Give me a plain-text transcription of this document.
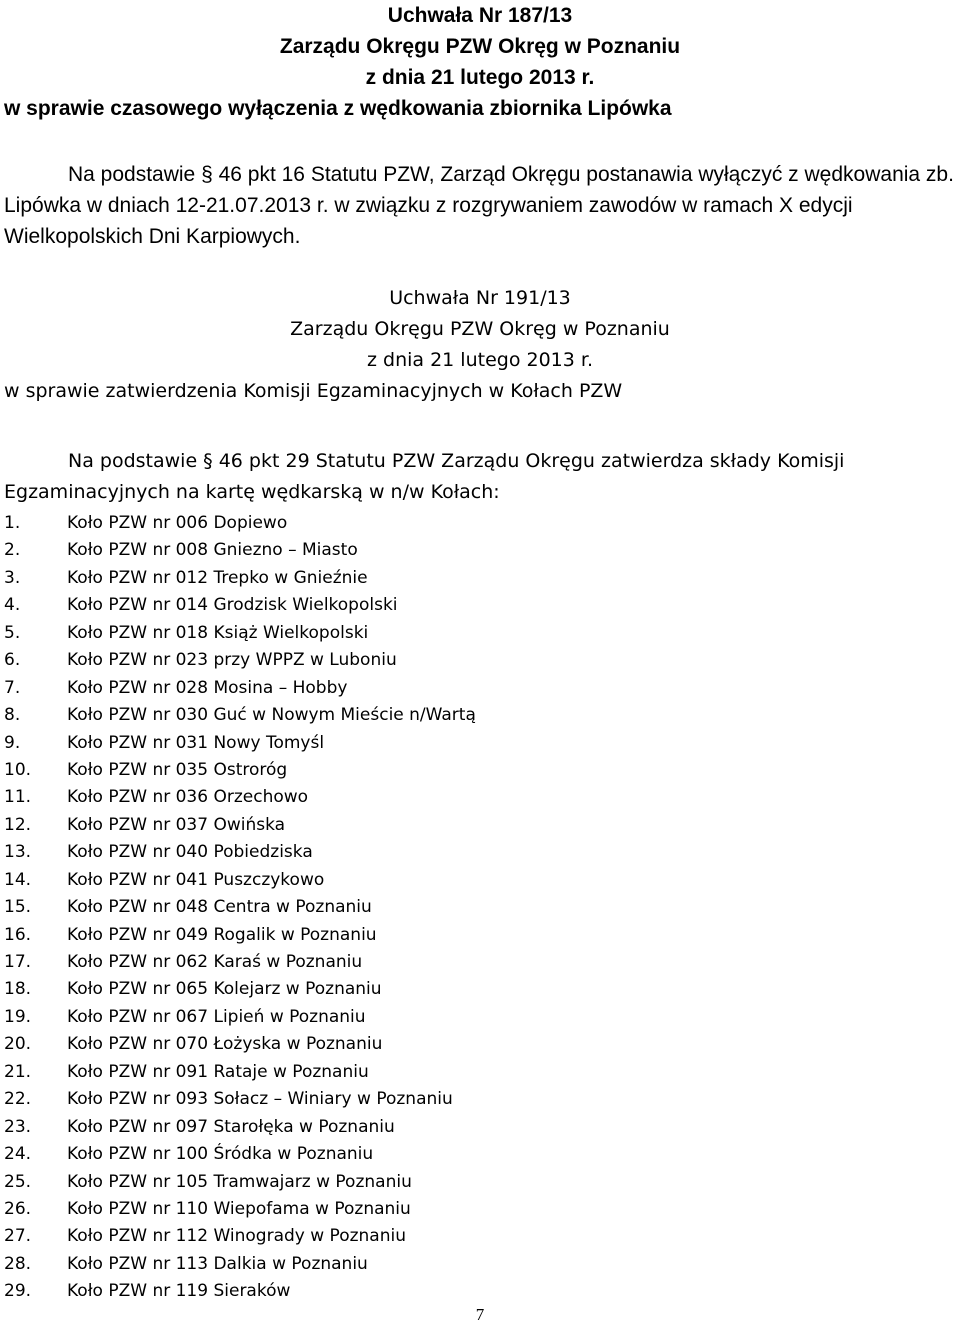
Uchwała Nr 187/13
Zarządu Okręgu PZW Okręg w Poznaniu
z dnia 21 lutego 2013 r.
w sprawie czasowego wyłączenia z wędkowania zbiornika Lipówka
Na podstawie § 46 pkt 16 Statutu PZW, Zarząd Okręgu postanawia wyłączyć z wędkowania zb. Lipówka w dniach 12-21.07.2013 r. w związku z rozgrywaniem zawodów w ramach X edycji Wielkopolskich Dni Karpiowych.
Uchwała Nr 191/13
Zarządu Okręgu PZW Okręg w Poznaniu
z dnia 21 lutego 2013 r.
w sprawie zatwierdzenia Komisji Egzaminacyjnych w Kołach PZW
Na podstawie § 46 pkt 29 Statutu PZW Zarządu Okręgu zatwierdza składy Komisji Egzaminacyjnych na kartę wędkarską w n/w Kołach:
1.	Koło PZW nr 006 Dopiewo
2.	Koło PZW nr 008 Gniezno – Miasto
3.	Koło PZW nr 012 Trepko w Gnieźnie
4.	Koło PZW nr 014 Grodzisk Wielkopolski
5.	Koło PZW nr 018 Książ Wielkopolski
6.	Koło PZW nr 023 przy WPPZ w Luboniu
7.	Koło PZW nr 028 Mosina – Hobby
8.	Koło PZW nr 030 Guć w Nowym Mieście n/Wartą
9.	Koło PZW nr 031 Nowy Tomyśl
10. Koło PZW nr 035 Ostroróg
11. Koło PZW nr 036 Orzechowo
12. Koło PZW nr 037 Owińska
13. Koło PZW nr 040 Pobiedziska
14. Koło PZW nr 041 Puszczykowo
15. Koło PZW nr 048 Centra w Poznaniu
16. Koło PZW nr 049 Rogalik w Poznaniu
17. Koło PZW nr 062 Karaś w Poznaniu
18. Koło PZW nr 065 Kolejarz w Poznaniu
19. Koło PZW nr 067 Lipień w Poznaniu
20. Koło PZW nr 070 Łożyska w Poznaniu
21. Koło PZW nr 091 Rataje w Poznaniu
22. Koło PZW nr 093 Sołacz – Winiary w Poznaniu
23. Koło PZW nr 097 Starołęka w Poznaniu
24. Koło PZW nr 100 Śródka w Poznaniu
25. Koło PZW nr 105 Tramwajarz w Poznaniu
26. Koło PZW nr 110 Wiepofama w Poznaniu
27. Koło PZW nr 112 Winogrady w Poznaniu
28. Koło PZW nr 113 Dalkia w Poznaniu
29. Koło PZW nr 119 Sieraków
7
